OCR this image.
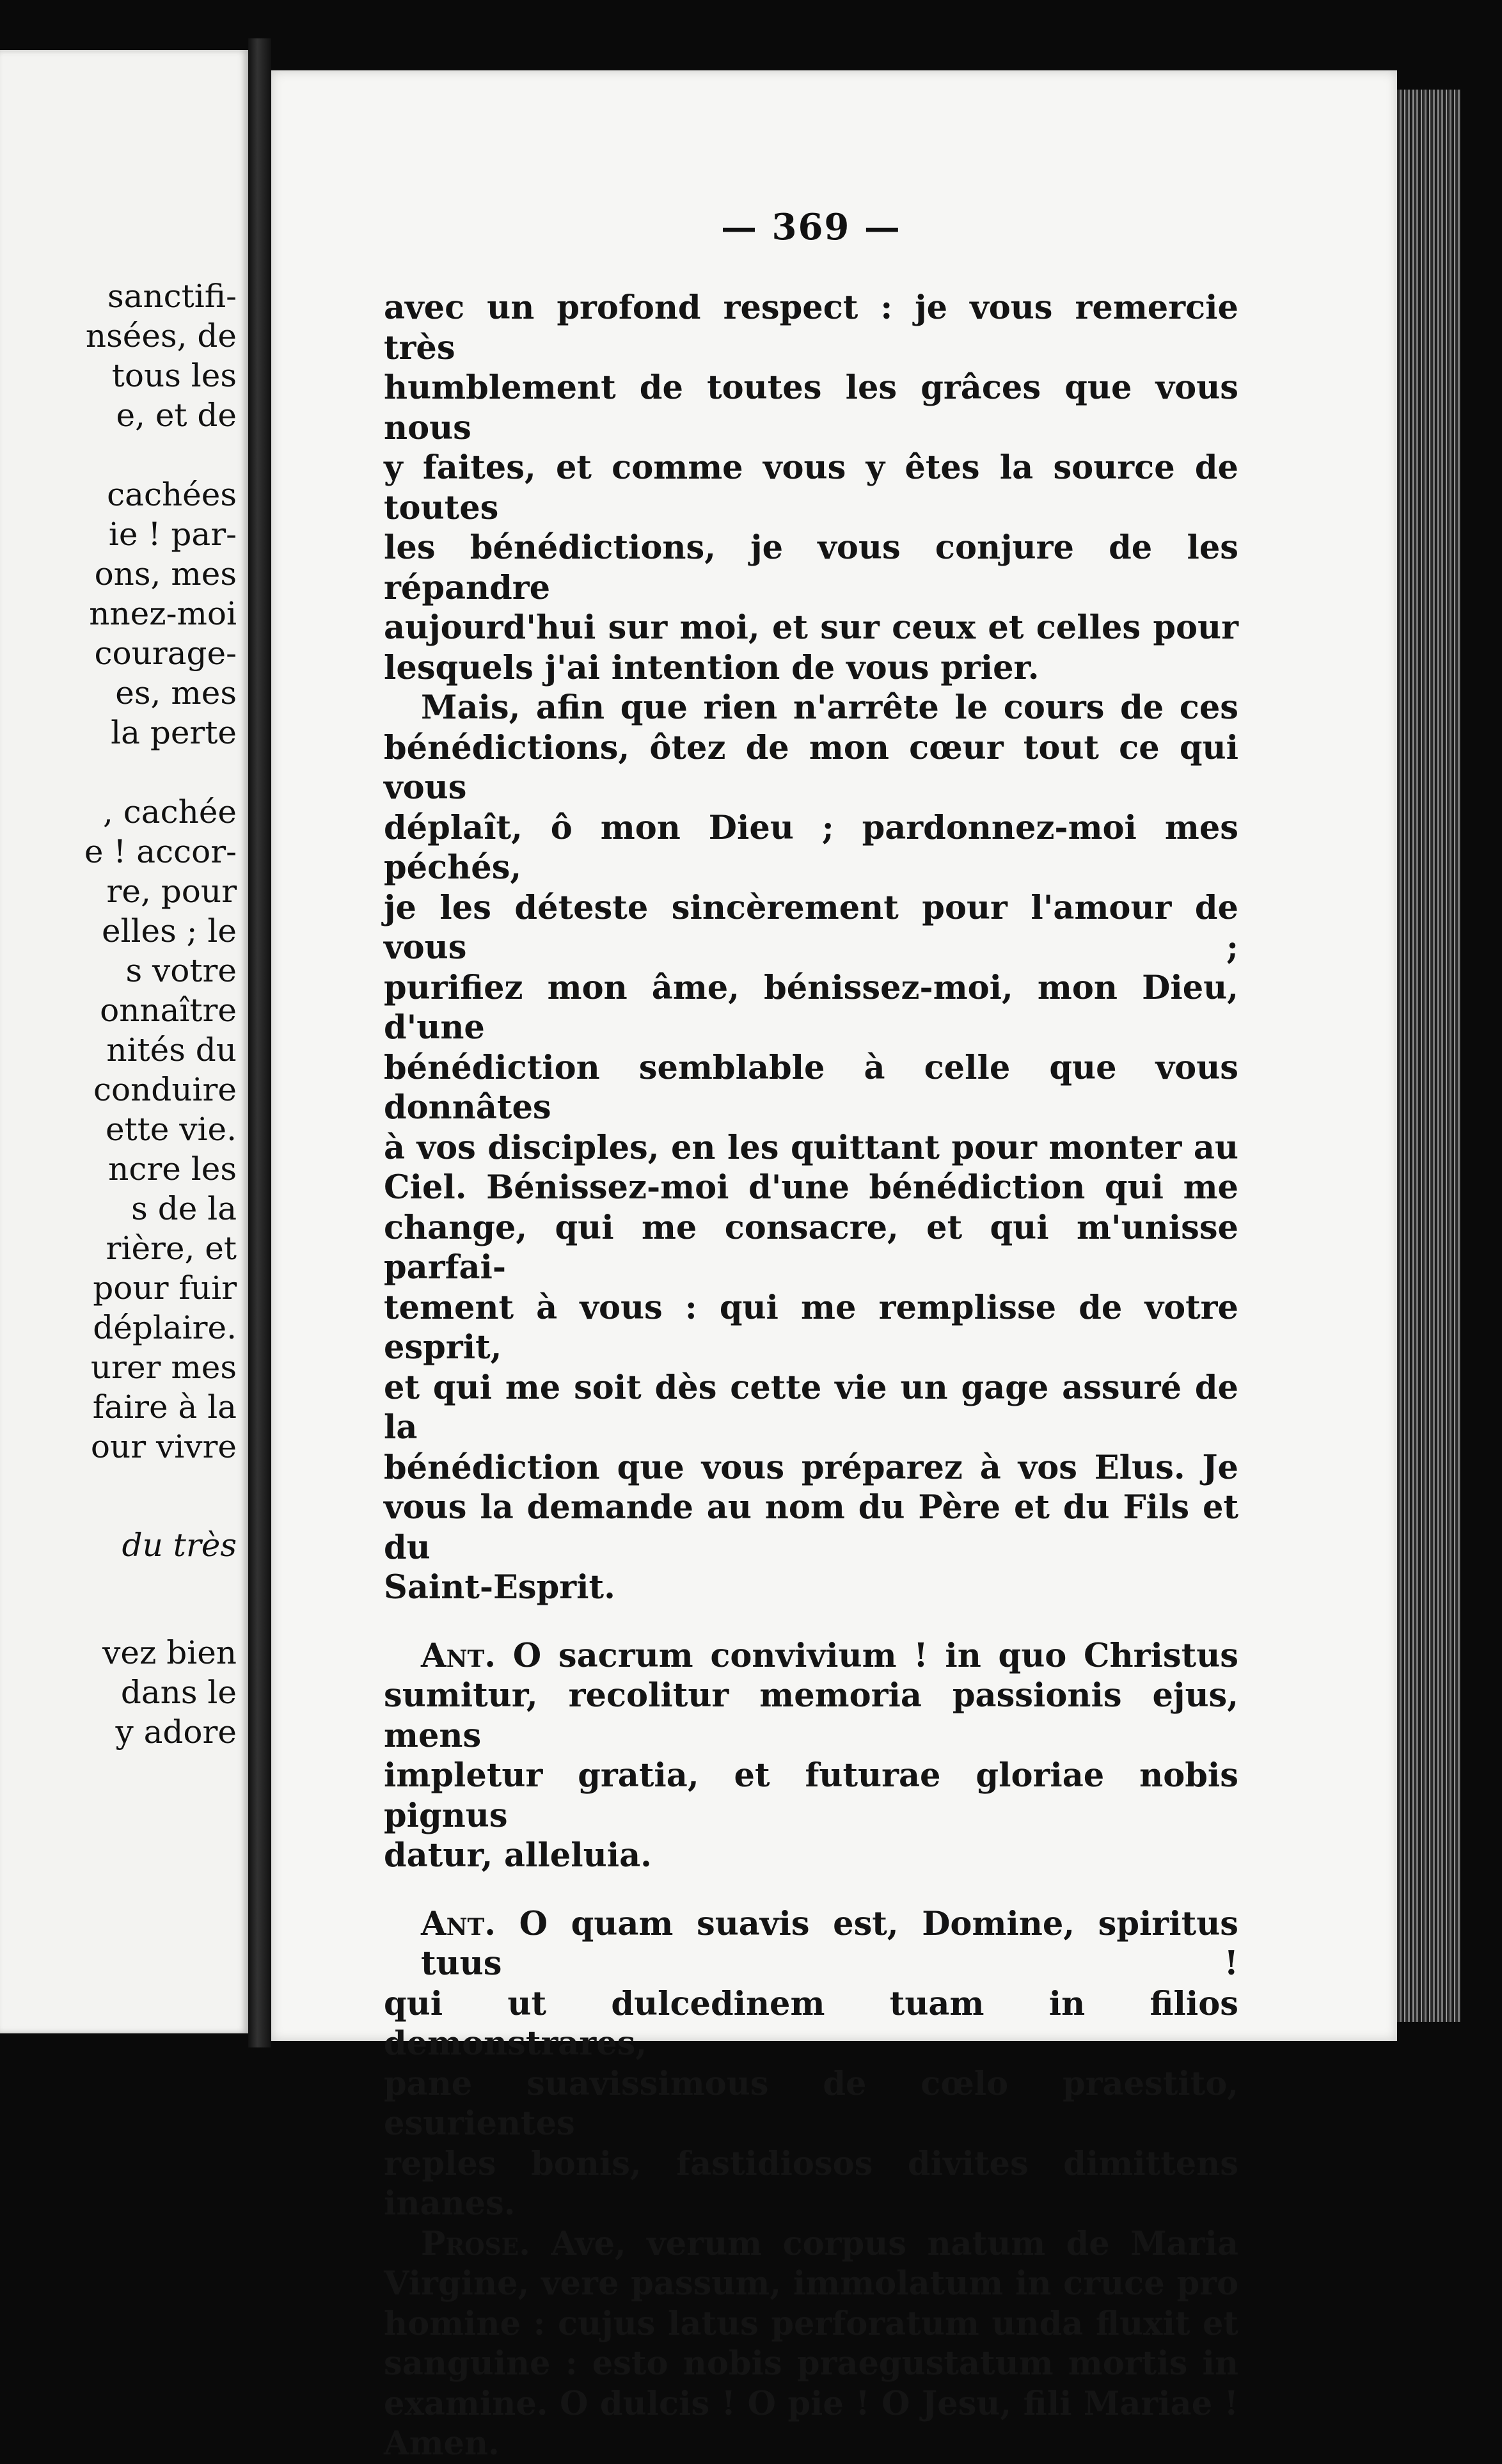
sanctifi-
nsées, de
tous les
e, et de
cachées
ie ! par-
ons, mes
nnez-moi
courage-
es, mes
la perte
, cachée
e ! accor-
re, pour
elles ; le
s votre
onnaître
nités du
conduire
ette vie.
ncre les
s de la
rière, et
pour fuir
déplaire.
urer mes
faire à la
our vivre
du très
vez bien
dans le
y adore
— 369 —

avec un profond respect : je vous remercie très
humblement de toutes les grâces que vous nous
y faites, et comme vous y êtes la source de toutes
les bénédictions, je vous conjure de les répandre
aujourd'hui sur moi, et sur ceux et celles pour
lesquels j'ai intention de vous prier.

Mais, afin que rien n'arrête le cours de ces
bénédictions, ôtez de mon cœur tout ce qui vous
déplaît, ô mon Dieu ; pardonnez-moi mes péchés,
je les déteste sincèrement pour l'amour de vous ;
purifiez mon âme, bénissez-moi, mon Dieu, d'une
bénédiction semblable à celle que vous donnâtes
à vos disciples, en les quittant pour monter au
Ciel. Bénissez-moi d'une bénédiction qui me
change, qui me consacre, et qui m'unisse parfai-
tement à vous : qui me remplisse de votre esprit,
et qui me soit dès cette vie un gage assuré de la
bénédiction que vous préparez à vos Elus. Je
vous la demande au nom du Père et du Fils et du
Saint-Esprit.

Ant. O sacrum convivium ! in quo Christus
sumitur, recolitur memoria passionis ejus, mens
impletur gratia, et futurae gloriae nobis pignus
datur, alleluia.

Ant. O quam suavis est, Domine, spiritus tuus !
qui ut dulcedinem tuam in filios demonstrares,
pane suavissimous de cœlo praestito, esurientes
reples bonis, fastidiosos divites dimittens inanes.

Prose. Ave, verum corpus natum de Maria
Virgine, vere passum, immolatum in cruce pro
homine : cujus latus perforatum unda fluxit et
sanguine : esto nobis praegustatum mortis in
examine. O dulcis ! O pie ! O Jesu, fili Mariae !
Amen.
